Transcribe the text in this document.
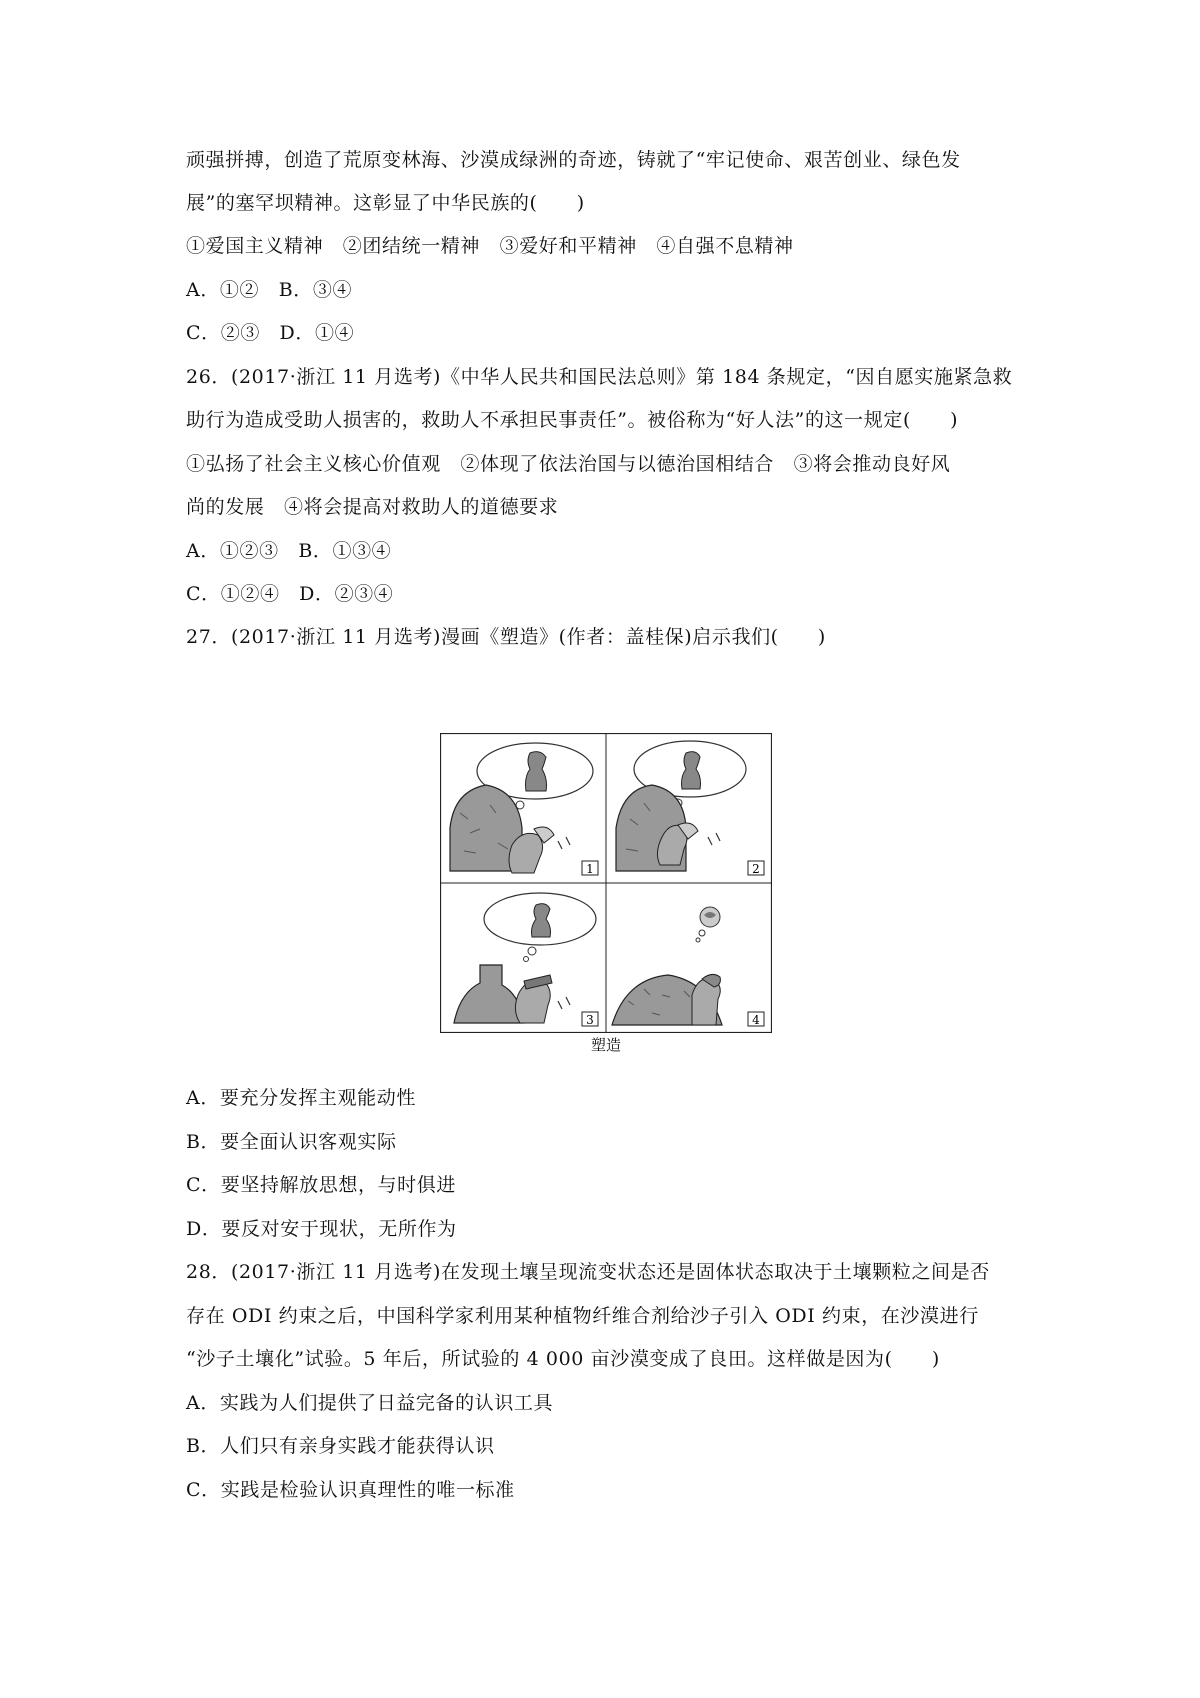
顽强拼搏，创造了荒原变林海、沙漠成绿洲的奇迹，铸就了“牢记使命、艰苦创业、绿色发
展”的塞罕坝精神。这彰显了中华民族的(　　)
①爱国主义精神　②团结统一精神　③爱好和平精神　④自强不息精神
A．①②　B．③④
C．②③　D．①④
26．(2017·浙江 11 月选考)《中华人民共和国民法总则》第 184 条规定，“因自愿实施紧急救
助行为造成受助人损害的，救助人不承担民事责任”。被俗称为“好人法”的这一规定(　　)
①弘扬了社会主义核心价值观　②体现了依法治国与以德治国相结合　③将会推动良好风
尚的发展　④将会提高对救助人的道德要求
A．①②③　B．①③④
C．①②④　D．②③④
27．(2017·浙江 11 月选考)漫画《塑造》(作者：盖桂保)启示我们(　　)
1	2
3	4
塑造
A．要充分发挥主观能动性
B．要全面认识客观实际
C．要坚持解放思想，与时俱进
D．要反对安于现状，无所作为
28．(2017·浙江 11 月选考)在发现土壤呈现流变状态还是固体状态取决于土壤颗粒之间是否
存在 ODI 约束之后，中国科学家利用某种植物纤维合剂给沙子引入 ODI 约束，在沙漠进行
“沙子土壤化”试验。5 年后，所试验的 4 000 亩沙漠变成了良田。这样做是因为(　　)
A．实践为人们提供了日益完备的认识工具
B．人们只有亲身实践才能获得认识
C．实践是检验认识真理性的唯一标准
